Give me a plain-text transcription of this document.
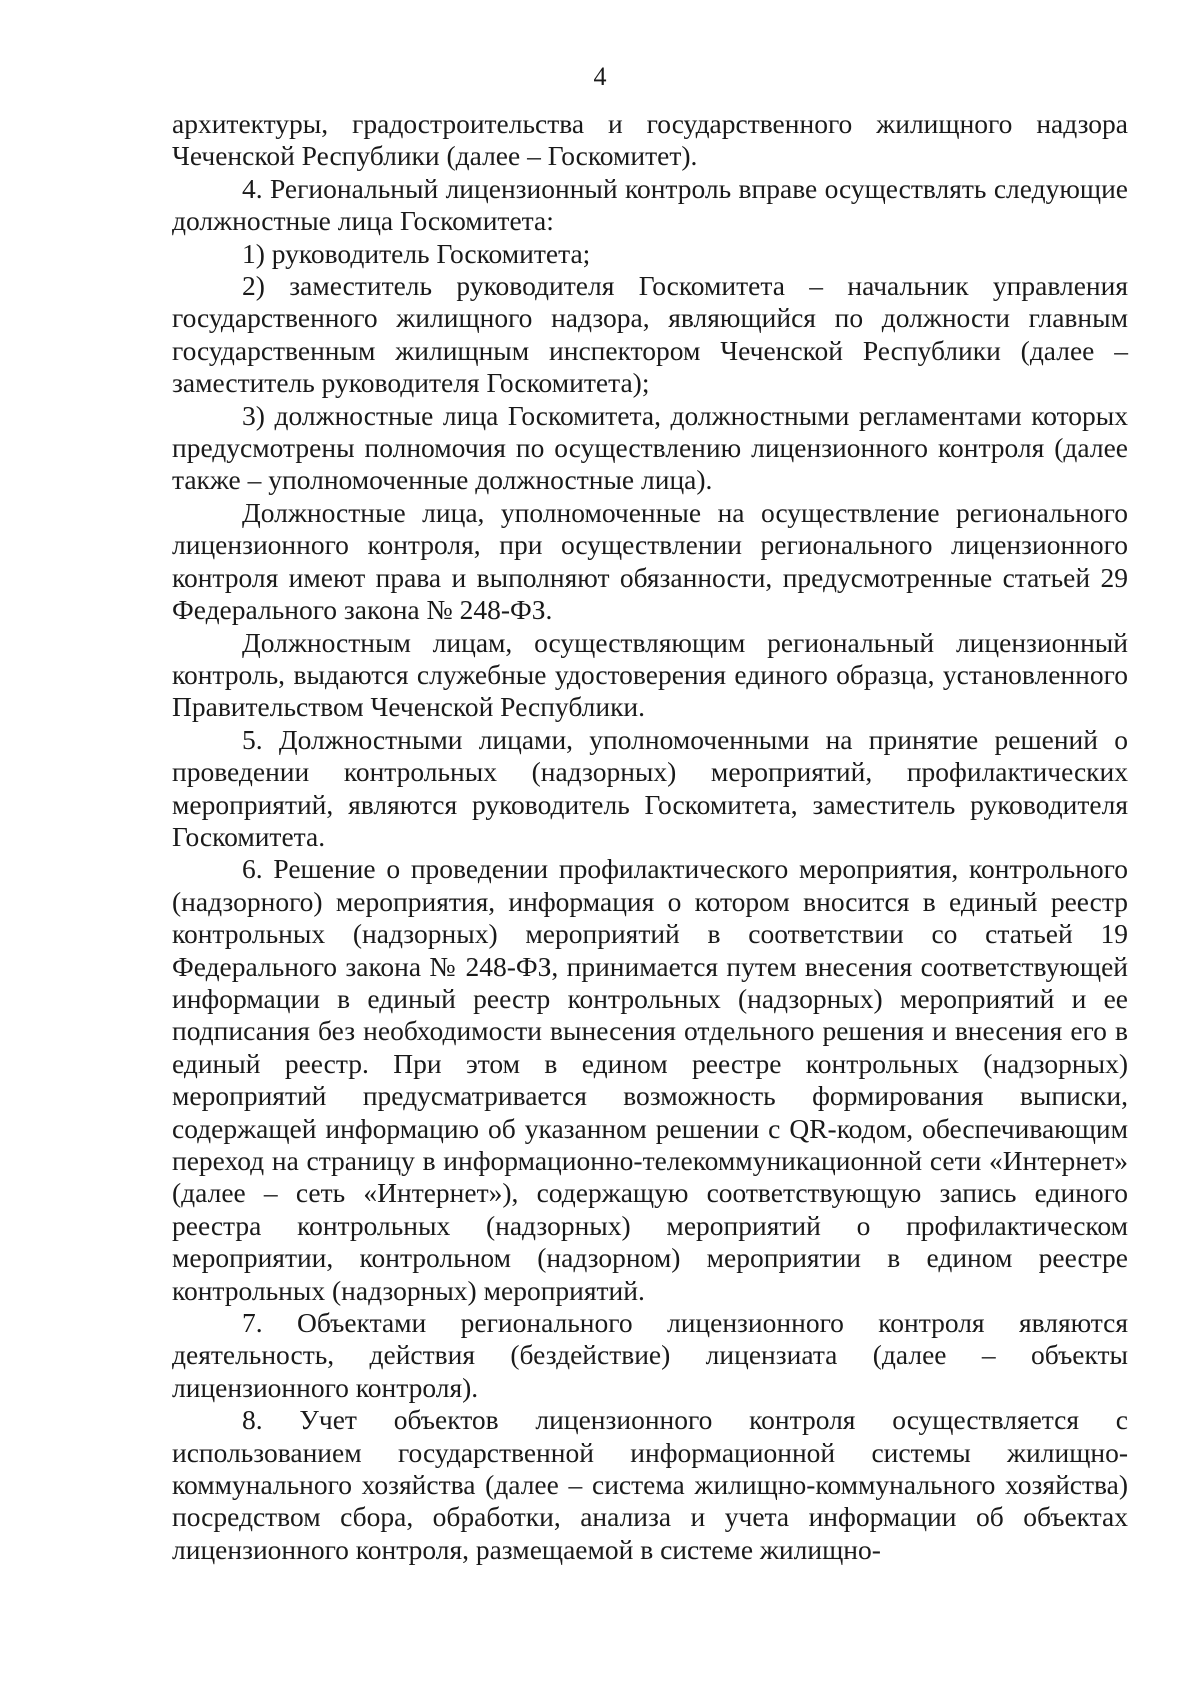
4

архитектуры, градостроительства и государственного жилищного надзора Чеченской Республики (далее – Госкомитет).

4. Региональный лицензионный контроль вправе осуществлять следующие должностные лица Госкомитета:

1) руководитель Госкомитета;

2) заместитель руководителя Госкомитета – начальник управления государственного жилищного надзора, являющийся по должности главным государственным жилищным инспектором Чеченской Республики (далее – заместитель руководителя Госкомитета);

3) должностные лица Госкомитета, должностными регламентами которых предусмотрены полномочия по осуществлению лицензионного контроля (далее также – уполномоченные должностные лица).

Должностные лица, уполномоченные на осуществление регионального лицензионного контроля, при осуществлении регионального лицензионного контроля имеют права и выполняют обязанности, предусмотренные статьей 29 Федерального закона № 248-ФЗ.

Должностным лицам, осуществляющим региональный лицензионный контроль, выдаются служебные удостоверения единого образца, установленного Правительством Чеченской Республики.

5. Должностными лицами, уполномоченными на принятие решений о проведении контрольных (надзорных) мероприятий, профилактических мероприятий, являются руководитель Госкомитета, заместитель руководителя Госкомитета.

6. Решение о проведении профилактического мероприятия, контрольного (надзорного) мероприятия, информация о котором вносится в единый реестр контрольных (надзорных) мероприятий в соответствии со статьей 19 Федерального закона № 248-ФЗ, принимается путем внесения соответствующей информации в единый реестр контрольных (надзорных) мероприятий и ее подписания без необходимости вынесения отдельного решения и внесения его в единый реестр. При этом в едином реестре контрольных (надзорных) мероприятий предусматривается возможность формирования выписки, содержащей информацию об указанном решении с QR-кодом, обеспечивающим переход на страницу в информационно-телекоммуникационной сети «Интернет» (далее – сеть «Интернет»), содержащую соответствующую запись единого реестра контрольных (надзорных) мероприятий о профилактическом мероприятии, контрольном (надзорном) мероприятии в едином реестре контрольных (надзорных) мероприятий.

7. Объектами регионального лицензионного контроля являются деятельность, действия (бездействие) лицензиата (далее – объекты лицензионного контроля).

8. Учет объектов лицензионного контроля осуществляется с использованием государственной информационной системы жилищно-коммунального хозяйства (далее – система жилищно-коммунального хозяйства) посредством сбора, обработки, анализа и учета информации об объектах лицензионного контроля, размещаемой в системе жилищно-
